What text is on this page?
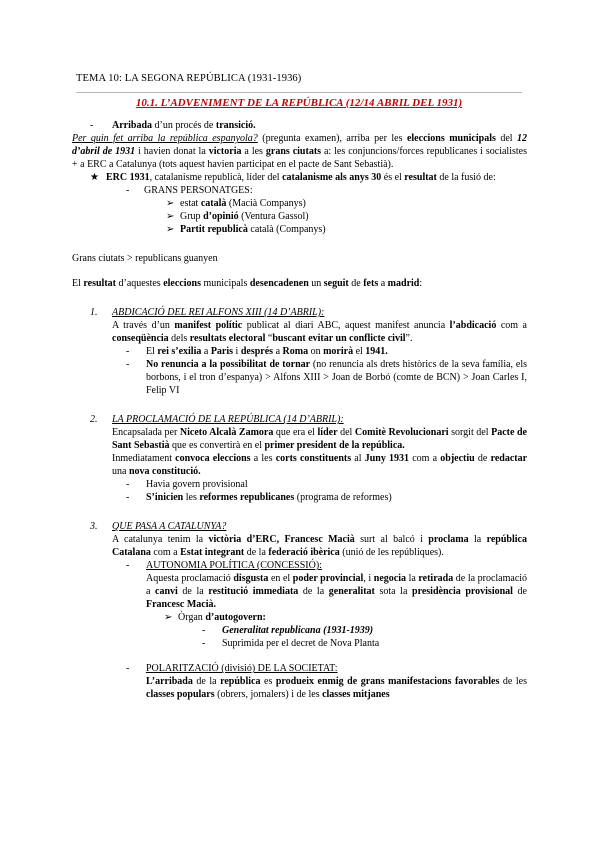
TEMA 10: LA SEGONA REPÚBLICA (1931-1936)
10.1. L’ADVENIMENT DE LA REPÚBLICA (12/14 ABRIL DEL 1931)
-	Arribada d’un procés de transició.

Per quin fet arriba la república espanyola? (pregunta examen), arriba per les eleccions municipals del 12 d’abril de 1931 i havien donat la victoria a les grans ciutats a: les conjuncions/forces republicanes i socialistes + a ERC a Catalunya (tots aquest havien participat en el pacte de Sant Sebastià).

★ ERC 1931, catalanisme republicà, líder del catalanisme als anys 30 és el resultat de la fusió de:
-	GRANS PERSONATGES:
➢ estat català (Macià Companys)
➢ Grup d’opinió (Ventura Gassol)
➢ Partit republicà català (Companys)

Grans ciutats > republicans guanyen

El resultat d’aquestes eleccions municipals desencadenen un seguit de fets a madrid:

1.	ABDICACIÓ DEL REI ALFONS XIII (14 D’ABRIL):

A través d’un manifest polític publicat al diari ABC, aquest manifest anuncia l’abdicació com a conseqüència dels resultats electoral “buscant evitar un conflicte civil”.

-	El rei s’exilia a Paris i després a Roma on morirà el 1941.
-	No renuncia a la possibilitat de tornar (no renuncia als drets històrics de la seva família, els borbons, i el tron d’espanya) > Alfons XIII > Joan de Borbó (comte de BCN) > Joan Carles I, Felip VI
2.	LA PROCLAMACIÓ DE LA REPÚBLICA (14 D’ABRIL):

Encapsalada per Niceto Alcalà Zamora que era el líder del Comitè Revolucionari sorgit del Pacte de Sant Sebastià que es convertirà en el primer president de la república.

Inmediatament convoca eleccions a les corts constituents al Juny 1931 com a objectiu de redactar una nova constitució.

-	Havia govern provisional
-	S’inicien les reformes republicanes (programa de reformes)
3.	QUE PASA A CATALUNYA?

A catalunya tenim la victòria d’ERC, Francesc Macià surt al balcó i proclama la república Catalana com a Estat integrant de la federació ibèrica (unió de les repúbliques).

-	AUTONOMIA POLÍTICA (CONCESSIÓ):

Aquesta proclamació disgusta en el poder provincial, i negocia la retirada de la proclamació a canvi de la restitució immediata de la generalitat sota la presidència provisional de Francesc Macià.

➢ Òrgan d’autogovern:
-	Generalitat republicana (1931-1939)
-	Suprimida per el decret de Nova Planta
-	POLARITZACIÓ (divisió) DE LA SOCIETAT:

L’arribada de la república es produeix enmig de grans manifestacions favorables de les classes populars (obrers, jornalers) i de les classes mitjanes
